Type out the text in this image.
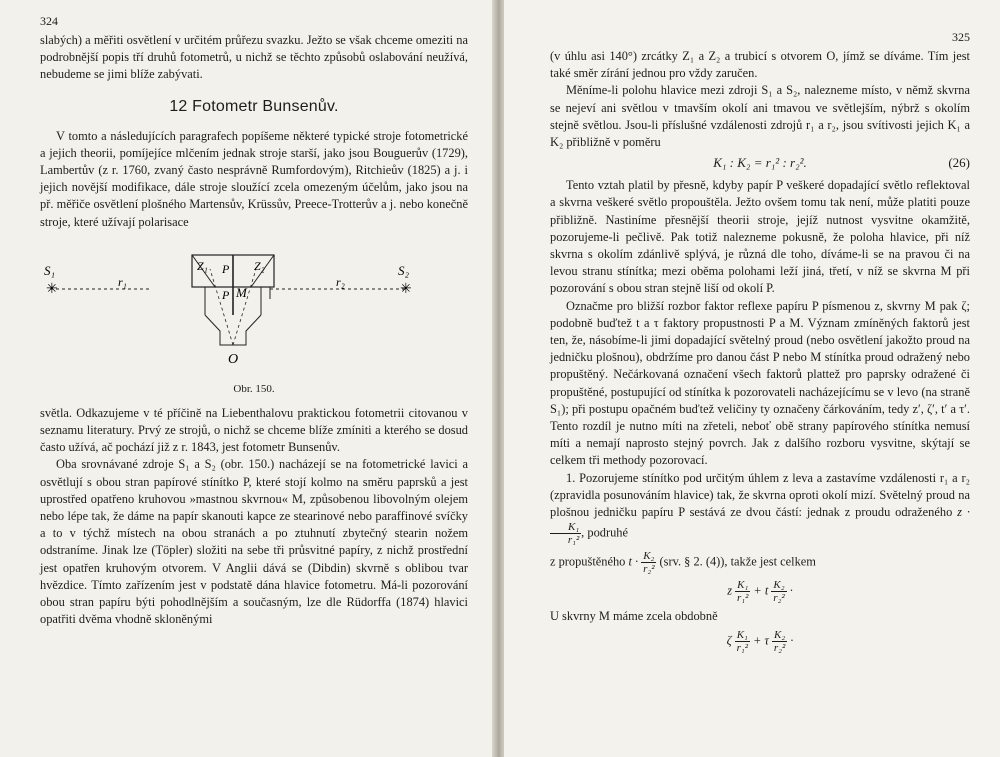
324

slabých) a měřiti osvětlení v určitém průřezu svazku. Ježto se však chceme omeziti na podrobnější popis tří druhů fotometrů, u nichž se těchto způsobů oslabování neužívá, nebudeme se jimi blíže zabývati.

12 Fotometr Bunsenův.

V tomto a následujících paragrafech popíšeme některé typické stroje fotometrické a jejich theorii, pomíjejíce mlčením jednak stroje starší, jako jsou Bouguerův (1729), Lambertův (z r. 1760, zvaný často nesprávně Rumfordovým), Ritchieův (1825) a j. i jejich novější modifikace, dále stroje sloužící zcela omezeným účelům, jako jsou na př. měřiče osvětlení plošného Martensův, Krüssův, Preece-Trotterův a j. nebo konečně stroje, které užívají polarisace

✳	✳
S₁	S₂
r₁	r₂
Z₁	Z₂
P
P M
O
Obr. 150.

světla. Odkazujeme v té příčině na Liebenthalovu praktickou fotometrii citovanou v seznamu literatury. Prvý ze strojů, o nichž se chceme blíže zmíniti a kterého se dosud často užívá, ač pochází již z r. 1843, jest fotometr Bunsenův.

Oba srovnávané zdroje S₁ a S₂ (obr. 150.) nacházejí se na fotometrické lavici a osvětlují s obou stran papírové stínítko P, které stojí kolmo na směru paprsků a jest uprostřed opatřeno kruhovou »mastnou skvrnou« M, způsobenou libovolným olejem nebo lépe tak, že dáme na papír skanouti kapce ze stearinové nebo paraffinové svíčky a to v týchž místech na obou stranách a po ztuhnutí zbytečný stearin nožem odstraníme. Jinak lze (Töpler) složiti na sebe tři průsvitné papíry, z nichž prostřední jest opatřen kruhovým otvorem. V Anglii dává se (Dibdin) skvrně s oblibou tvar hvězdice. Tímto zařízením jest v podstatě dána hlavice fotometru. Má-li pozorování obou stran papíru býti pohodlnějším a současným, lze dle Rüdorffa (1874) hlavici opatřiti dvěma vhodně skloněnými

325

(v úhlu asi 140°) zrcátky Z₁ a Z₂ a trubicí s otvorem O, jímž se díváme. Tím jest také směr zírání jednou pro vždy zaručen.

Měníme-li polohu hlavice mezi zdroji S₁ a S₂, nalezneme místo, v němž skvrna se nejeví ani světlou v tmavším okolí ani tmavou ve světlejším, nýbrž s okolím stejně světlou. Jsou-li příslušné vzdálenosti zdrojů r₁ a r₂, jsou svítivosti jejich K₁ a K₂ přibližně v poměru

K₁ : K₂ = r₁² : r₂².	(26)

Tento vztah platil by přesně, kdyby papír P veškeré dopadající světlo reflektoval a skvrna veškeré světlo propouštěla. Ježto ovšem tomu tak není, může platiti pouze přibližně. Nastiníme přesnější theorii stroje, jejíž nutnost vysvitne okamžitě, pozorujeme-li pečlivě. Pak totiž nalezneme pokusně, že poloha hlavice, při níž skvrna s okolím zdánlivě splývá, je různá dle toho, díváme-li se na pravou či na levou stranu stínítka; mezi oběma polohami leží jiná, třetí, v níž se skvrna M při pozorování s obou stran stejně liší od okolí P.

Označme pro bližší rozbor faktor reflexe papíru P písmenou z, skvrny M pak ζ; podobně buďtež t a τ faktory propustnosti P a M. Význam zmíněných faktorů jest ten, že, násobíme-li jimi dopadající světelný proud (nebo osvětlení jakožto proud na jedničku plošnou), obdržíme pro danou část P nebo M stínítka proud odražený nebo propuštěný. Nečárkovaná označení všech faktorů plattež pro paprsky odražené či propuštěné, postupující od stínítka k pozorovateli nacházejícímu se v levo (na straně S₁); při postupu opačném buďtež veličiny ty označeny čárkováním, tedy z′, ζ′, t′ a τ′. Tento rozdíl je nutno míti na zřeteli, neboť obě strany papírového stínítka nemusí míti a nemají naprosto stejný povrch. Jak z dalšího rozboru vysvitne, skýtají se celkem tři methody pozorovací.

1. Pozorujeme stínítko pod určitým úhlem z leva a zastavíme vzdálenosti r₁ a r₂ (zpravidla posunováním hlavice) tak, že skvrna oproti okolí mizí. Světelný proud na plošnou jedničku papíru P sestává ze dvou částí: jednak z proudu odraženého z ·
$\frac{\text{K₁}}{\text{r₁²}}$ , podruhé

z propuštěného $t \cdot \frac{\text{K₂}}{\text{r₂²}} (srv$. § 2. (4)), takže jest celkem

z $\frac{\text{K₁}}{\text{r₁²}} + t \frac{\text{K₂}}{\text{r₂²}}$ ·

U skvrny M máme zcela obdobně

ζ $\frac{\text{K₁}}{\text{r₁²}} + \tau \frac{\text{K₂}}{\text{r₂²}}$ ·
